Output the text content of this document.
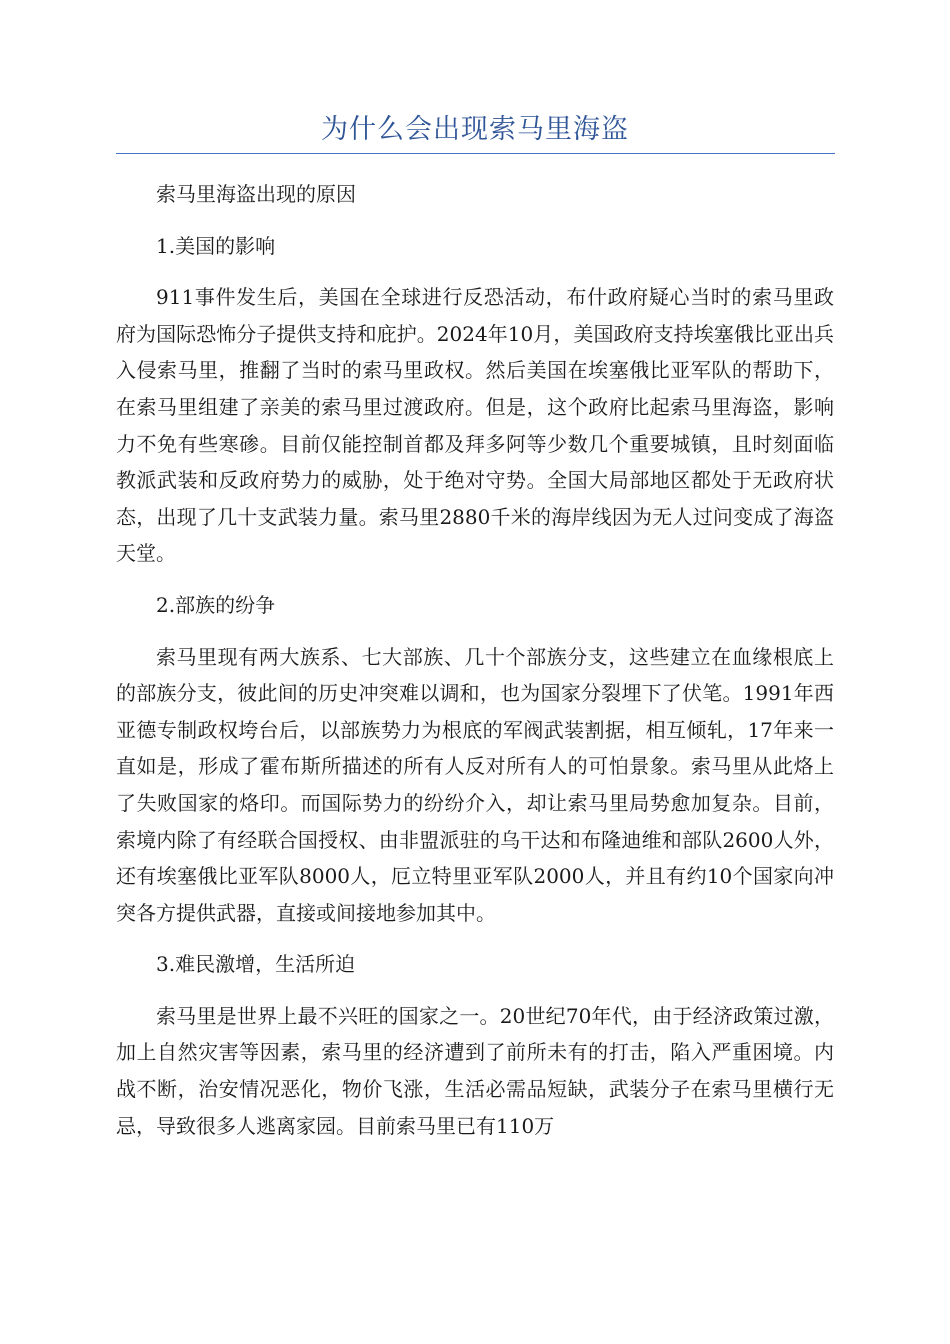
为什么会出现索马里海盗

索马里海盗出现的原因

1.美国的影响

911事件发生后，美国在全球进行反恐活动，布什政府疑心当时的索马里政府为国际恐怖分子提供支持和庇护。2024年10月，美国政府支持埃塞俄比亚出兵入侵索马里，推翻了当时的索马里政权。然后美国在埃塞俄比亚军队的帮助下，在索马里组建了亲美的索马里过渡政府。但是，这个政府比起索马里海盗，影响力不免有些寒碜。目前仅能控制首都及拜多阿等少数几个重要城镇，且时刻面临教派武装和反政府势力的威胁，处于绝对守势。全国大局部地区都处于无政府状态，出现了几十支武装力量。索马里2880千米的海岸线因为无人过问变成了海盗天堂。

2.部族的纷争

索马里现有两大族系、七大部族、几十个部族分支，这些建立在血缘根底上的部族分支，彼此间的历史冲突难以调和，也为国家分裂埋下了伏笔。1991年西亚德专制政权垮台后，以部族势力为根底的军阀武装割据，相互倾轧，17年来一直如是，形成了霍布斯所描述的所有人反对所有人的可怕景象。索马里从此烙上了失败国家的烙印。而国际势力的纷纷介入，却让索马里局势愈加复杂。目前，索境内除了有经联合国授权、由非盟派驻的乌干达和布隆迪维和部队2600人外，还有埃塞俄比亚军队8000人，厄立特里亚军队2000人，并且有约10个国家向冲突各方提供武器，直接或间接地参加其中。

3.难民激增，生活所迫

索马里是世界上最不兴旺的国家之一。20世纪70年代，由于经济政策过激，加上自然灾害等因素，索马里的经济遭到了前所未有的打击，陷入严重困境。内战不断，治安情况恶化，物价飞涨，生活必需品短缺，武装分子在索马里横行无忌，导致很多人逃离家园。目前索马里已有110万
